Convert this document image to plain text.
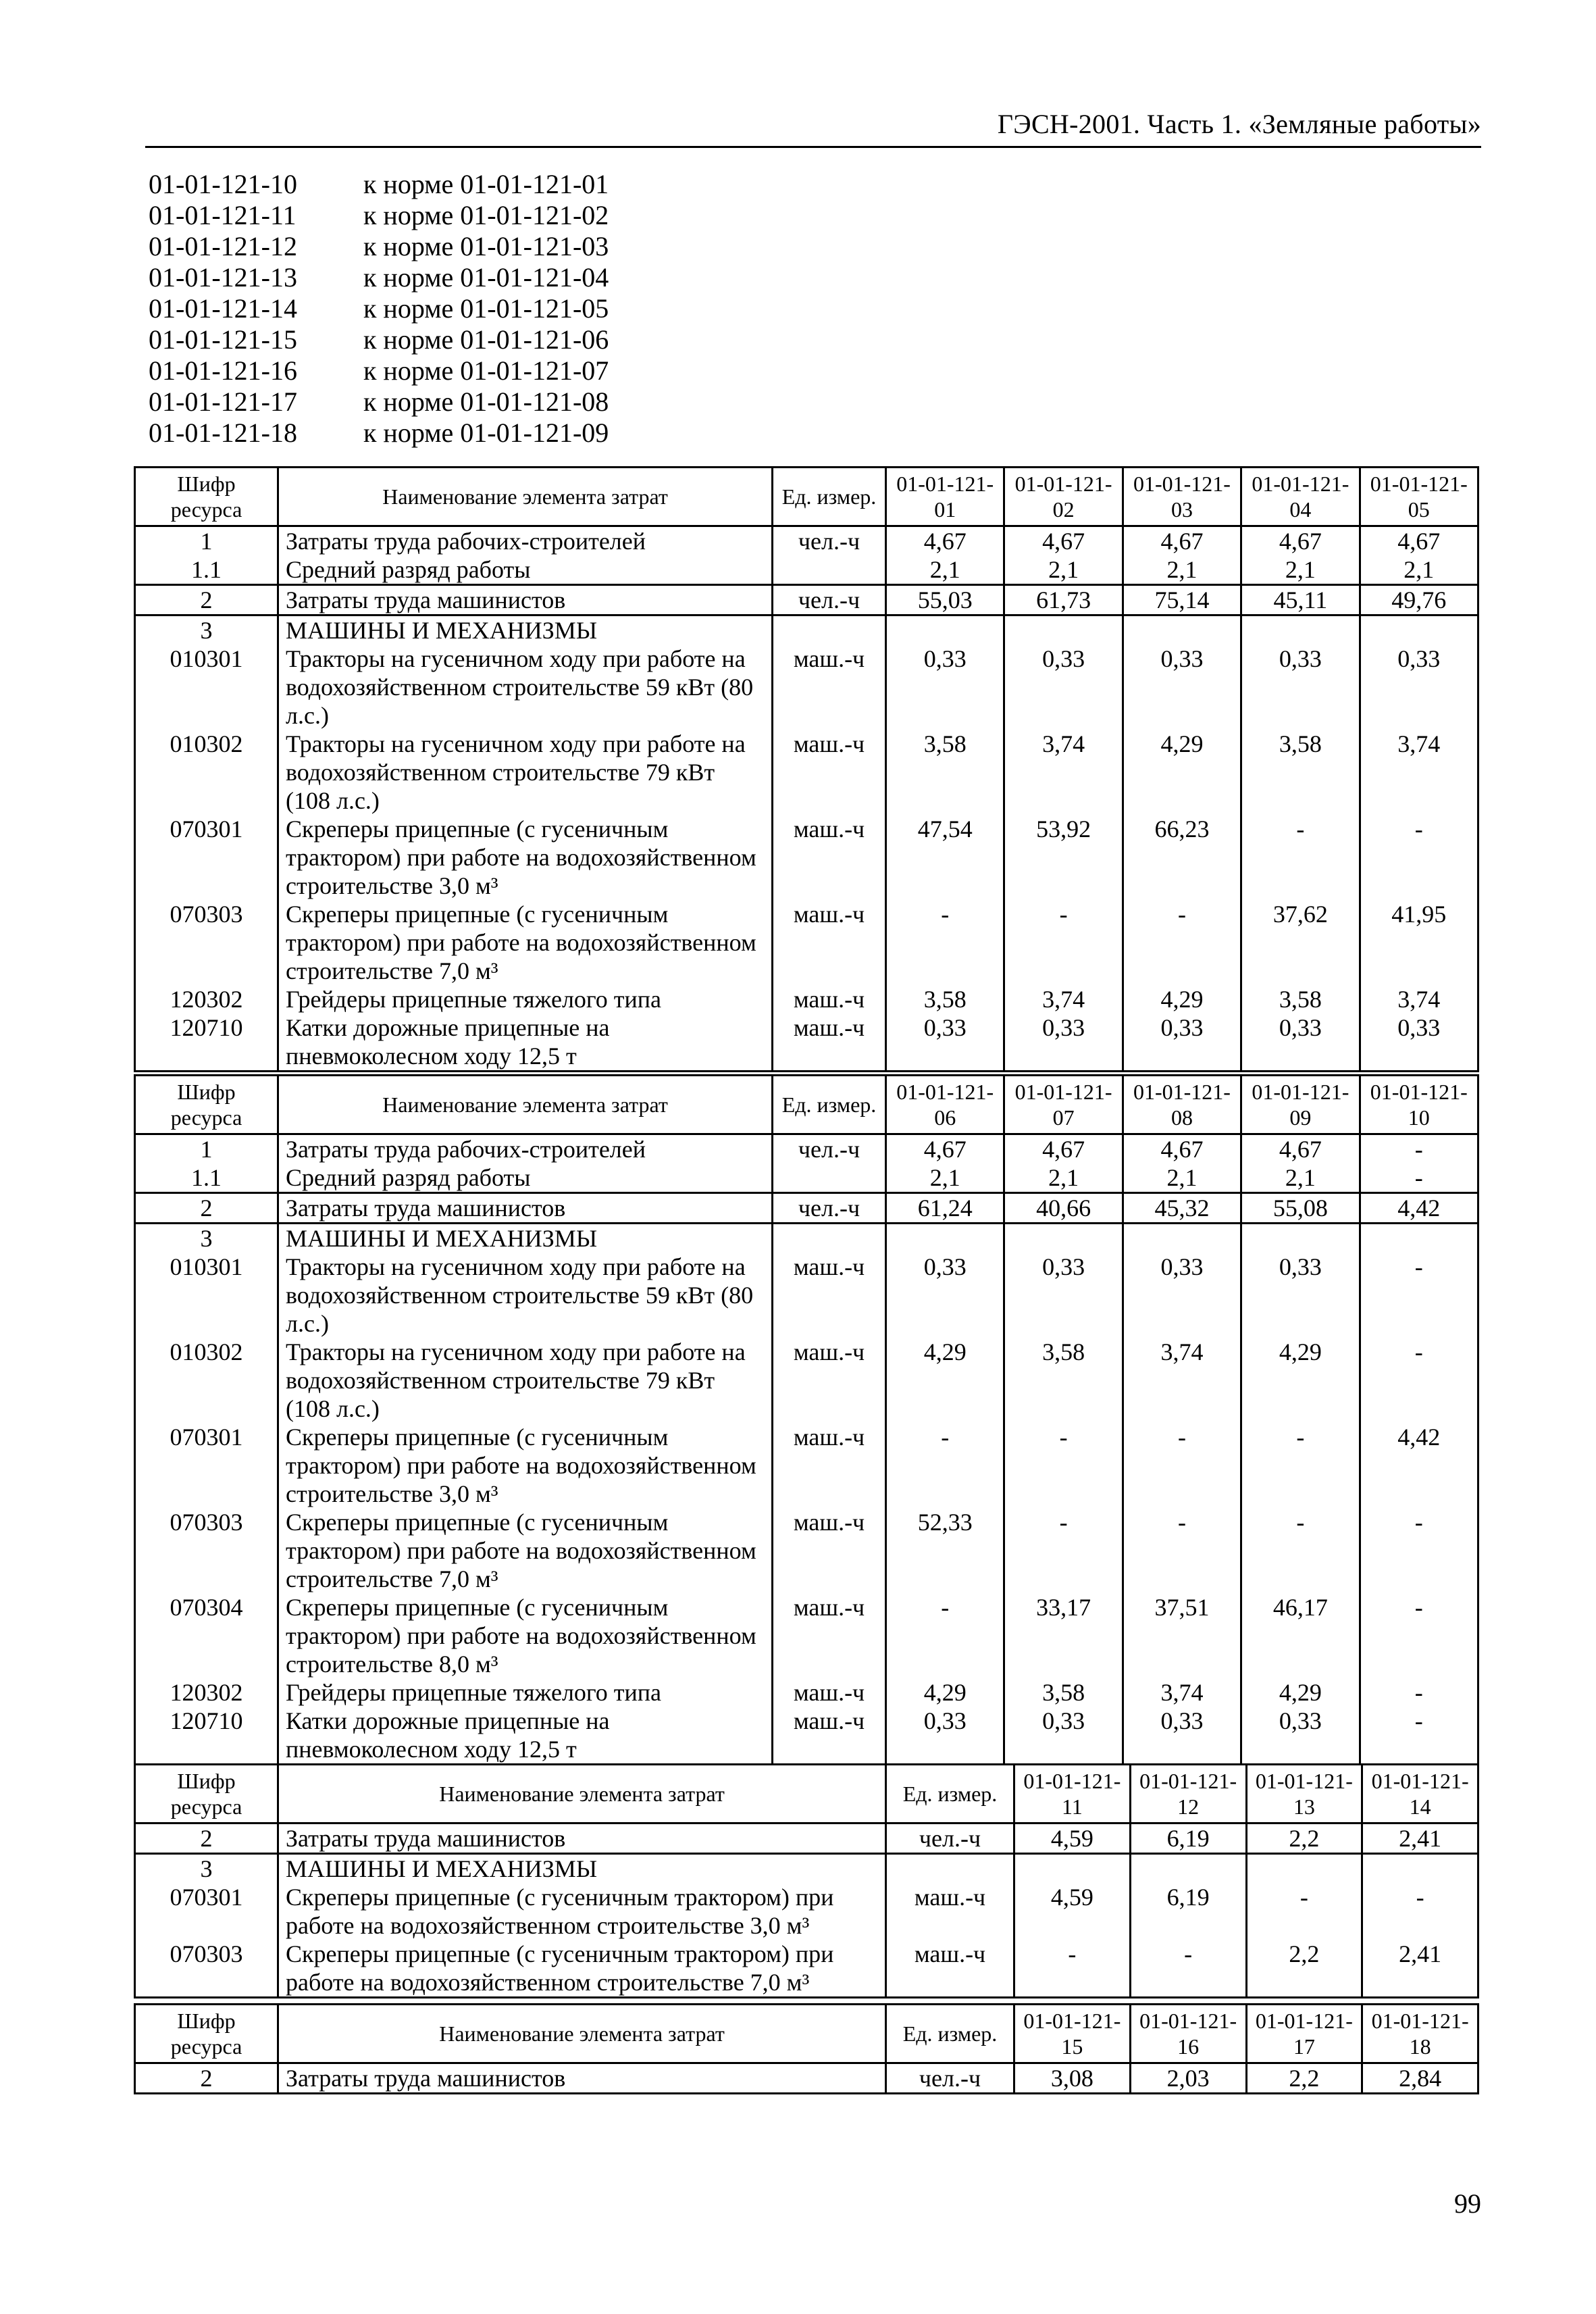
ГЭСН-2001. Часть 1. «Земляные работы»
01-01-121-10	к норме 01-01-121-01
01-01-121-11	к норме 01-01-121-02
01-01-121-12	к норме 01-01-121-03
01-01-121-13	к норме 01-01-121-04
01-01-121-14	к норме 01-01-121-05
01-01-121-15	к норме 01-01-121-06
01-01-121-16	к норме 01-01-121-07
01-01-121-17	к норме 01-01-121-08
01-01-121-18	к норме 01-01-121-09
Шифр ресурса	Наименование элемента затрат	Ед. измер.	01-01-121-01	01-01-121-02	01-01-121-03	01-01-121-04	01-01-121-05
1	Затраты труда рабочих-строителей	чел.-ч	4,67	4,67	4,67	4,67	4,67
1.1	Средний разряд работы		2,1	2,1	2,1	2,1	2,1
2	Затраты труда машинистов	чел.-ч	55,03	61,73	75,14	45,11	49,76
3	МАШИНЫ И МЕХАНИЗМЫ						
010301	Тракторы на гусеничном ходу при работе на водохозяйственном строительстве 59 кВт (80 л.с.)	маш.-ч	0,33	0,33	0,33	0,33	0,33
010302	Тракторы на гусеничном ходу при работе на водохозяйственном строительстве 79 кВт (108 л.с.)	маш.-ч	3,58	3,74	4,29	3,58	3,74
070301	Скреперы прицепные (с гусеничным трактором) при работе на водохозяйственном строительстве 3,0 м³	маш.-ч	47,54	53,92	66,23	-	-
070303	Скреперы прицепные (с гусеничным трактором) при работе на водохозяйственном строительстве 7,0 м³	маш.-ч	-	-	-	37,62	41,95
120302	Грейдеры прицепные тяжелого типа	маш.-ч	3,58	3,74	4,29	3,58	3,74
120710	Катки дорожные прицепные на пневмоколесном ходу 12,5 т	маш.-ч	0,33	0,33	0,33	0,33	0,33
Шифр ресурса	Наименование элемента затрат	Ед. измер.	01-01-121-06	01-01-121-07	01-01-121-08	01-01-121-09	01-01-121-10
1	Затраты труда рабочих-строителей	чел.-ч	4,67	4,67	4,67	4,67	-
1.1	Средний разряд работы		2,1	2,1	2,1	2,1	-
2	Затраты труда машинистов	чел.-ч	61,24	40,66	45,32	55,08	4,42
3	МАШИНЫ И МЕХАНИЗМЫ						
010301	Тракторы на гусеничном ходу при работе на водохозяйственном строительстве 59 кВт (80 л.с.)	маш.-ч	0,33	0,33	0,33	0,33	-
010302	Тракторы на гусеничном ходу при работе на водохозяйственном строительстве 79 кВт (108 л.с.)	маш.-ч	4,29	3,58	3,74	4,29	-
070301	Скреперы прицепные (с гусеничным трактором) при работе на водохозяйственном строительстве 3,0 м³	маш.-ч	-	-	-	-	4,42
070303	Скреперы прицепные (с гусеничным трактором) при работе на водохозяйственном строительстве 7,0 м³	маш.-ч	52,33	-	-	-	-
070304	Скреперы прицепные (с гусеничным трактором) при работе на водохозяйственном строительстве 8,0 м³	маш.-ч	-	33,17	37,51	46,17	-
120302	Грейдеры прицепные тяжелого типа	маш.-ч	4,29	3,58	3,74	4,29	-
120710	Катки дорожные прицепные на пневмоколесном ходу 12,5 т	маш.-ч	0,33	0,33	0,33	0,33	-
Шифр ресурса	Наименование элемента затрат	Ед. измер.	01-01-121-11	01-01-121-12	01-01-121-13	01-01-121-14
2	Затраты труда машинистов	чел.-ч	4,59	6,19	2,2	2,41
3	МАШИНЫ И МЕХАНИЗМЫ					
070301	Скреперы прицепные (с гусеничным трактором) при работе на водохозяйственном строительстве 3,0 м³	маш.-ч	4,59	6,19	-	-
070303	Скреперы прицепные (с гусеничным трактором) при работе на водохозяйственном строительстве 7,0 м³	маш.-ч	-	-	2,2	2,41
Шифр ресурса	Наименование элемента затрат	Ед. измер.	01-01-121-15	01-01-121-16	01-01-121-17	01-01-121-18
2	Затраты труда машинистов	чел.-ч	3,08	2,03	2,2	2,84
99
